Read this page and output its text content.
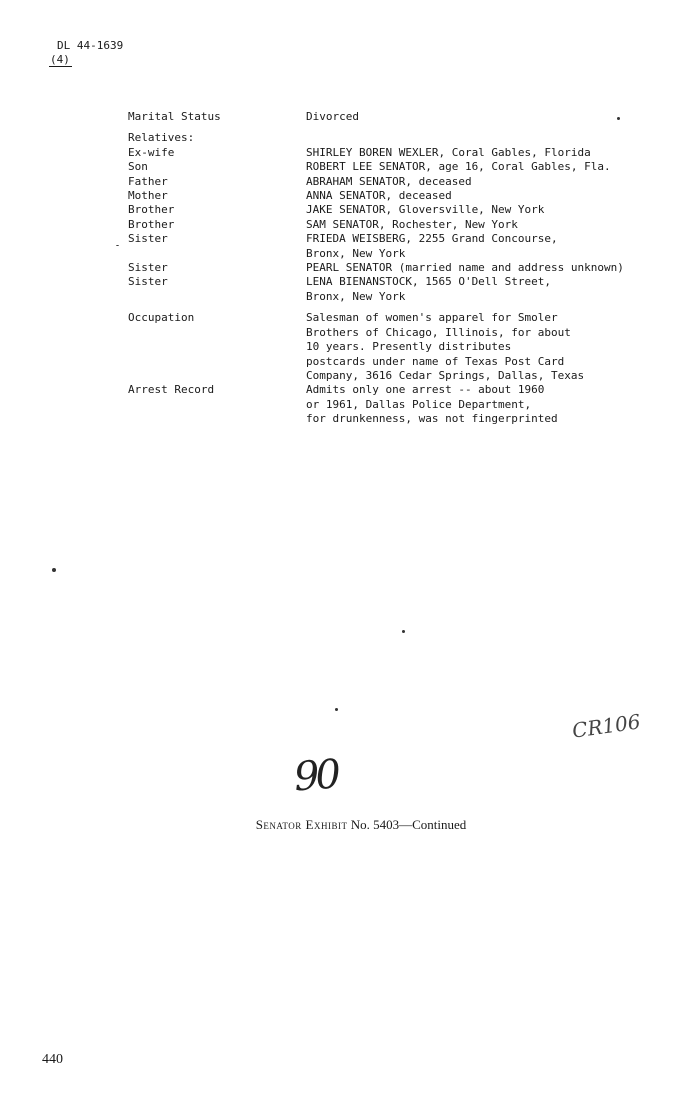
DL 44-1639
(4)
Marital Status	Divorced
Relatives:
Ex-wife	SHIRLEY BOREN WEXLER, Coral Gables, Florida
Son	ROBERT LEE SENATOR, age 16, Coral Gables, Fla.
Father	ABRAHAM SENATOR, deceased
Mother	ANNA SENATOR, deceased
Brother	JAKE SENATOR, Gloversville, New York
Brother	SAM SENATOR, Rochester, New York
Sister	FRIEDA WEISBERG, 2255 Grand Concourse,
Bronx, New York
Sister	PEARL SENATOR (married name and address unknown)
Sister	LENA BIENANSTOCK, 1565 O'Dell Street,
Bronx, New York
Occupation	Salesman of women's apparel for Smoler
Brothers of Chicago, Illinois, for about
10 years. Presently distributes
postcards under name of Texas Post Card
Company, 3616 Cedar Springs, Dallas, Texas
Arrest Record	Admits only one arrest -- about 1960
or 1961, Dallas Police Department,
for drunkenness, was not fingerprinted
CR106
90
Senator Exhibit No. 5403—Continued
440
